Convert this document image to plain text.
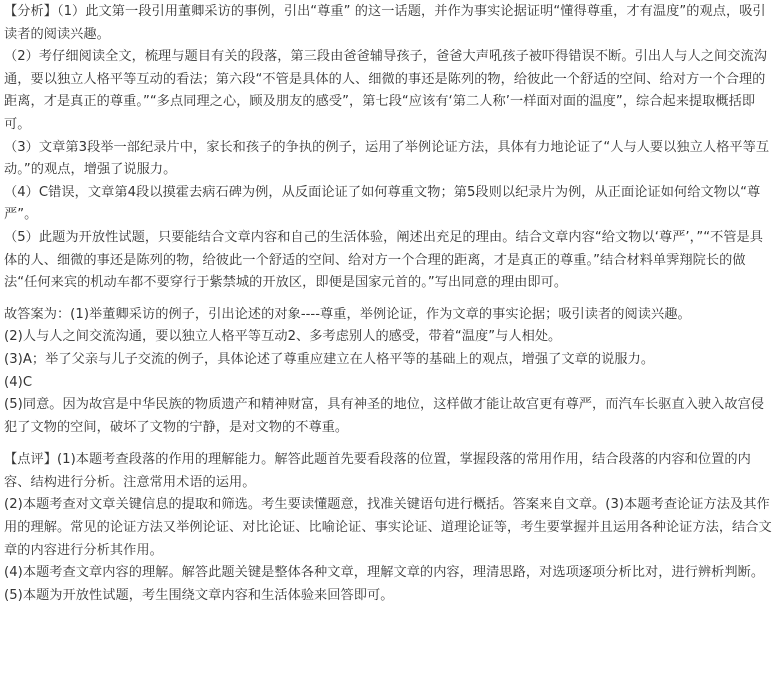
【分析】（1）此文第一段引用董卿采访的事例，引出“尊重” 的这一话题，并作为事实论据证明“懂得尊重，才有温度”的观点，吸引读者的阅读兴趣。

（2）考仔细阅读全文，梳理与题目有关的段落，第三段由爸爸辅导孩子，爸爸大声吼孩子被吓得错误不断。引出人与人之间交流沟通，要以独立人格平等互动的看法；第六段“不管是具体的人、细微的事还是陈列的物，给彼此一个舒适的空间、给对方一个合理的距离，才是真正的尊重。”“多点同理之心，顾及朋友的感受”，第七段“应该有‘第二人称’一样面对面的温度”，综合起来提取概括即可。

（3）文章第3段举一部纪录片中，家长和孩子的争执的例子，运用了举例论证方法，具体有力地论证了“人与人要以独立人格平等互动。”的观点，增强了说服力。

（4）C错误，文章第4段以摸霍去病石碑为例，从反面论证了如何尊重文物；第5段则以纪录片为例，从正面论证如何给文物以“尊严”。

（5）此题为开放性试题，只要能结合文章内容和自己的生活体验，阐述出充足的理由。结合文章内容“给文物以‘尊严’，”“不管是具体的人、细微的事还是陈列的物，给彼此一个舒适的空间、给对方一个合理的距离，才是真正的尊重。”结合材料单霁翔院长的做法“任何来宾的机动车都不要穿行于紫禁城的开放区，即便是国家元首的。”写出同意的理由即可。

故答案为：(1)举董卿采访的例子，引出论述的对象----尊重，举例论证，作为文章的事实论据；吸引读者的阅读兴趣。

(2)人与人之间交流沟通，要以独立人格平等互动2、多考虑别人的感受，带着“温度”与人相处。

(3)A；举了父亲与儿子交流的例子，具体论述了尊重应建立在人格平等的基础上的观点，增强了文章的说服力。

(4)C

(5)同意。因为故宫是中华民族的物质遗产和精神财富，具有神圣的地位，这样做才能让故宫更有尊严，而汽车长驱直入驶入故宫侵犯了文物的空间，破坏了文物的宁静，是对文物的不尊重。

【点评】(1)本题考查段落的作用的理解能力。解答此题首先要看段落的位置，掌握段落的常用作用，结合段落的内容和位置的内容、结构进行分析。注意常用术语的运用。

(2)本题考查对文章关键信息的提取和筛选。考生要读懂题意，找准关键语句进行概括。答案来自文章。(3)本题考查论证方法及其作用的理解。常见的论证方法又举例论证、对比论证、比喻论证、事实论证、道理论证等，考生要掌握并且运用各种论证方法，结合文章的内容进行分析其作用。

(4)本题考查文章内容的理解。解答此题关键是整体各种文章，理解文章的内容，理清思路，对选项逐项分析比对，进行辨析判断。

(5)本题为开放性试题，考生围绕文章内容和生活体验来回答即可。
